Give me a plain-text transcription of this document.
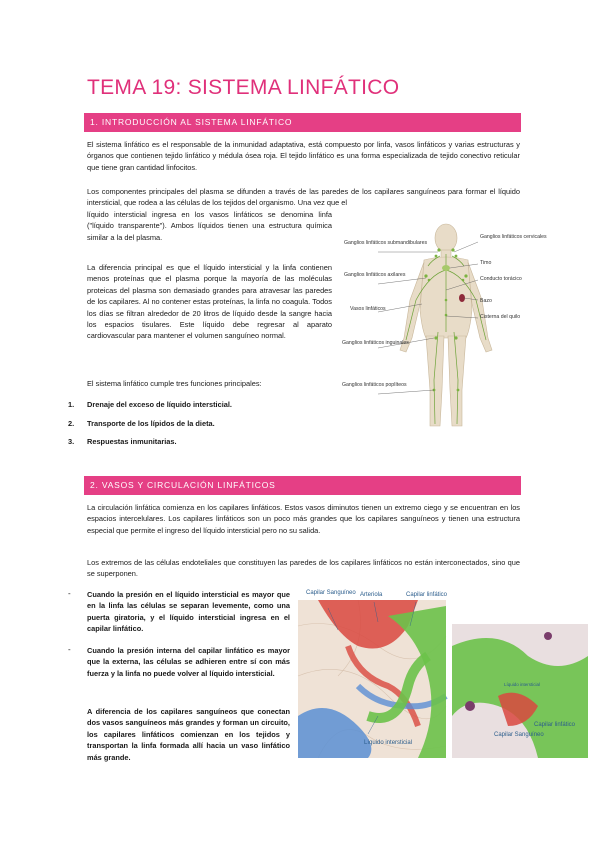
TEMA 19: SISTEMA LINFÁTICO
1. INTRODUCCIÓN AL SISTEMA LINFÁTICO

El sistema linfático es el responsable de la inmunidad adaptativa, está compuesto por linfa, vasos linfáticos y varias estructuras y órganos que contienen tejido linfático y médula ósea roja. El tejido linfático es una forma especializada de tejido conectivo reticular que tiene gran cantidad linfocitos.

Los componentes principales del plasma se difunden a través de las paredes de los capilares sanguíneos para formar el líquido intersticial, que rodea a las células de los tejidos del organismo. Una vez que el

líquido intersticial ingresa en los vasos linfáticos se denomina linfa ("líquido transparente"). Ambos líquidos tienen una estructura química similar a la del plasma.

La diferencia principal es que el líquido intersticial y la linfa contienen menos proteínas que el plasma porque la mayoría de las moléculas proteicas del plasma son demasiado grandes para atravesar las paredes de los capilares. Al no contener estas proteínas, la linfa no coagula. Todos los días se filtran alrededor de 20 litros de líquido desde la sangre hacia los espacios tisulares. Este líquido debe regresar al aparato cardiovascular para mantener el volumen sanguíneo normal.

El sistema linfático cumple tres funciones principales:

1. Drenaje del exceso de líquido intersticial.
2. Transporte de los lípidos de la dieta.
3. Respuestas inmunitarias.
Ganglios linfáticos submandibulares
Ganglios linfáticos cervicales
Timo
Ganglios linfáticos axilares
Conducto torácico
Vasos linfáticos
Bazo
Cisterna del quilo
Ganglios linfáticos inguinales
Ganglios linfáticos poplíteos
2. VASOS Y CIRCULACIÓN LINFÁTICOS

La circulación linfática comienza en los capilares linfáticos. Estos vasos diminutos tienen un extremo ciego y se encuentran en los espacios intercelulares. Los capilares linfáticos son un poco más grandes que los capilares sanguíneos y tienen una estructura especial que permite el ingreso del líquido intersticial pero no su salida.

Los extremos de las células endoteliales que constituyen las paredes de los capilares linfáticos no están interconectados, sino que se superponen.

- Cuando la presión en el líquido intersticial es mayor que en la linfa las células se separan levemente, como una puerta giratoria, y el líquido intersticial ingresa en el capilar linfático.

- Cuando la presión interna del capilar linfático es mayor que la externa, las células se adhieren entre sí con más fuerza y la linfa no puede volver al líquido intersticial.

A diferencia de los capilares sanguíneos que conectan dos vasos sanguíneos más grandes y forman un circuito, los capilares linfáticos comienzan en los tejidos y transportan la linfa formada allí hacia un vaso linfático más grande.

Capilar Sanguíneo Arteriola	Capilar linfático
Líquido intersticial
Líquido intersticial
Capilar linfático
Capilar Sanguíneo
